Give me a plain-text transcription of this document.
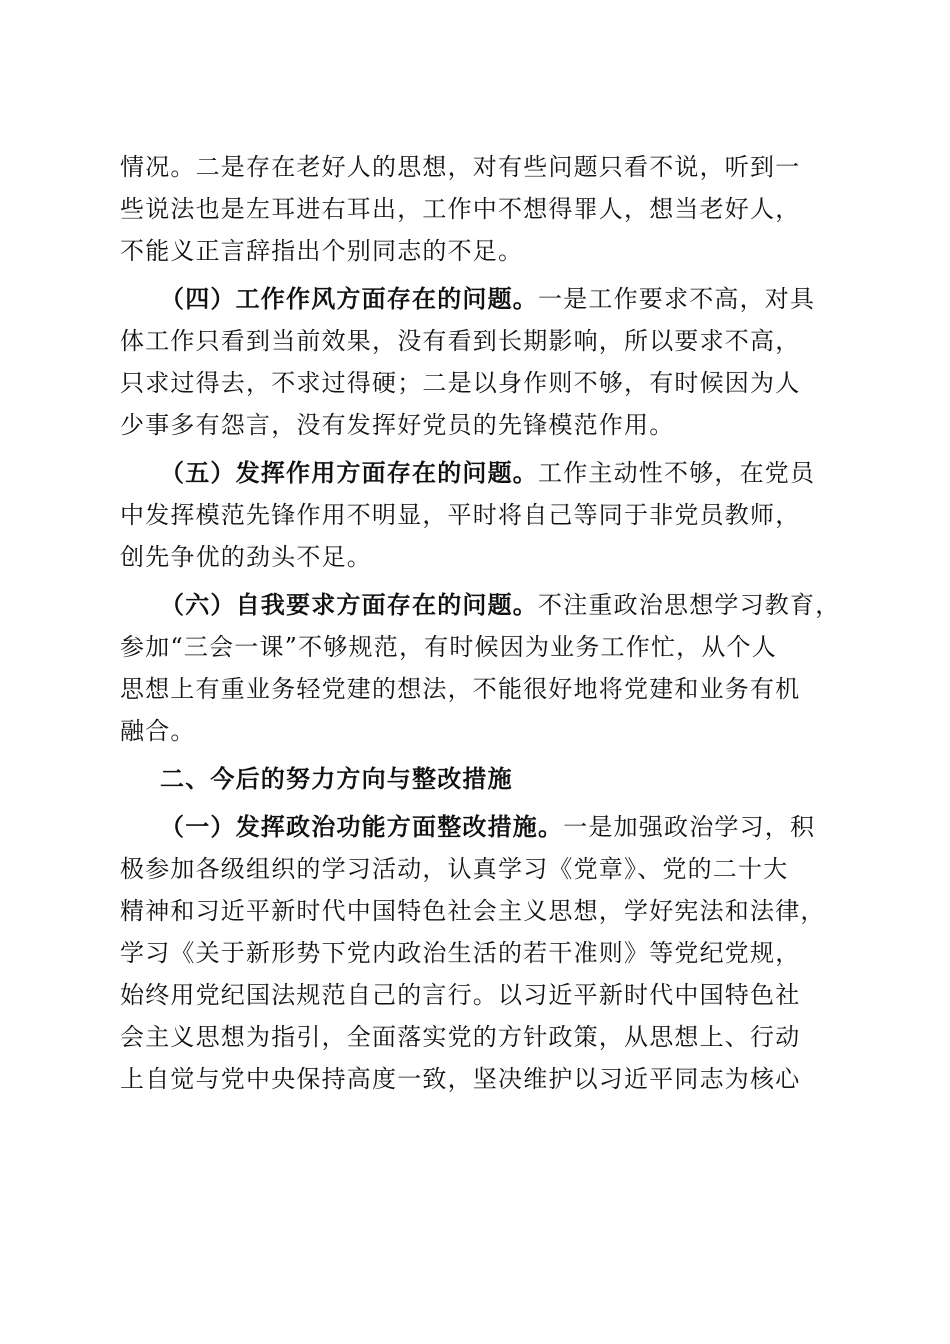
情况。二是存在老好人的思想，对有些问题只看不说，听到一
些说法也是左耳进右耳出，工作中不想得罪人，想当老好人，
不能义正言辞指出个别同志的不足。
（四）工作作风方面存在的问题。一是工作要求不高，对具
体工作只看到当前效果，没有看到长期影响，所以要求不高，
只求过得去，不求过得硬；二是以身作则不够，有时候因为人
少事多有怨言，没有发挥好党员的先锋模范作用。
（五）发挥作用方面存在的问题。工作主动性不够，在党员
中发挥模范先锋作用不明显，平时将自己等同于非党员教师，
创先争优的劲头不足。
（六）自我要求方面存在的问题。不注重政治思想学习教育，
参加“三会一课”不够规范，有时候因为业务工作忙，从个人
思想上有重业务轻党建的想法，不能很好地将党建和业务有机
融合。
二、今后的努力方向与整改措施
（一）发挥政治功能方面整改措施。一是加强政治学习，积
极参加各级组织的学习活动，认真学习《党章》、党的二十大
精神和习近平新时代中国特色社会主义思想，学好宪法和法律，
学习《关于新形势下党内政治生活的若干准则》等党纪党规，
始终用党纪国法规范自己的言行。以习近平新时代中国特色社
会主义思想为指引，全面落实党的方针政策，从思想上、行动
上自觉与党中央保持高度一致，坚决维护以习近平同志为核心
